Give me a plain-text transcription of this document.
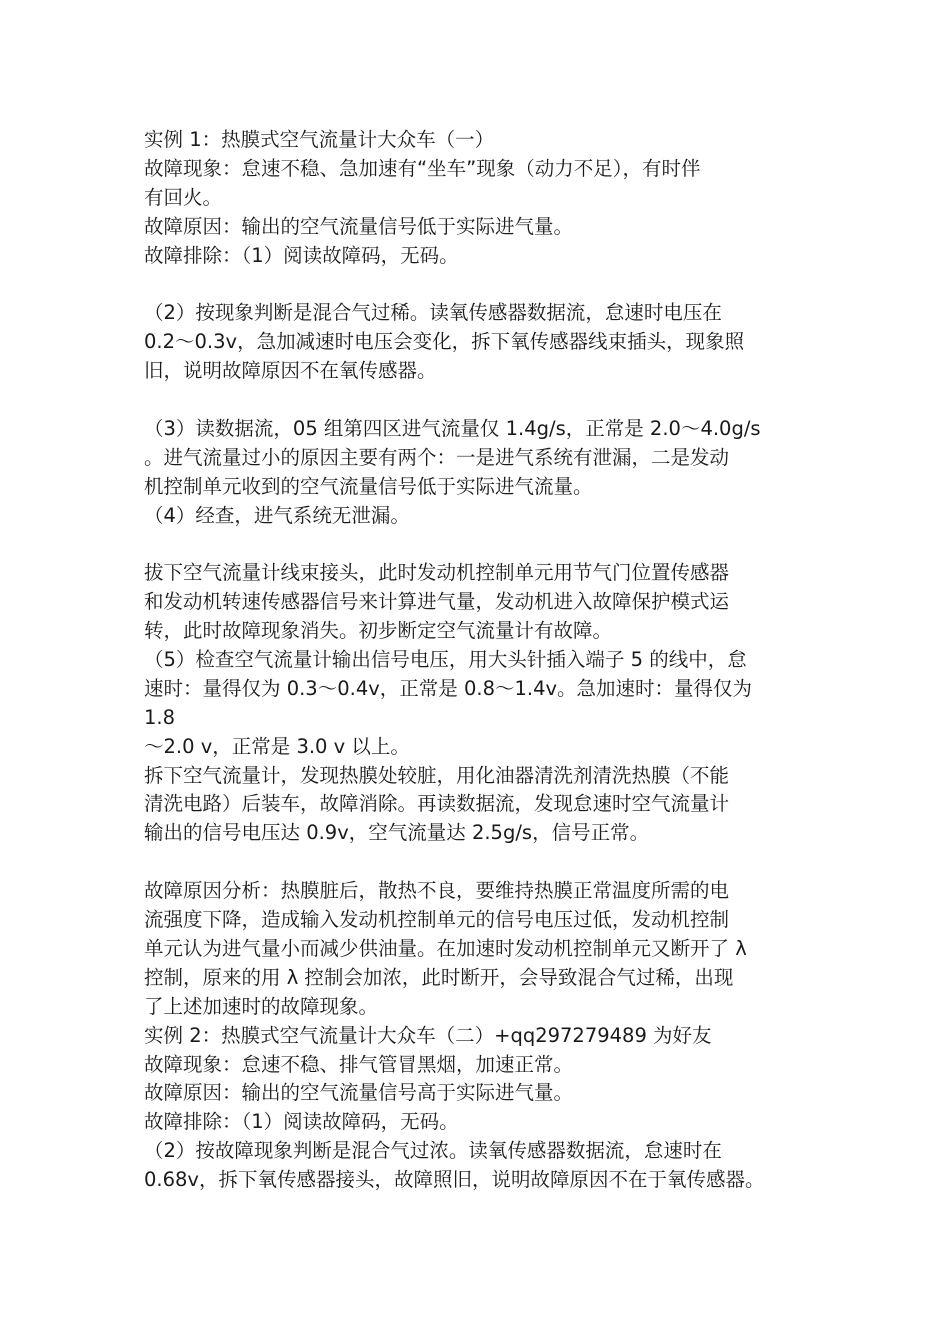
实例 1：热膜式空气流量计大众车（一）
故障现象：怠速不稳、急加速有“坐车”现象（动力不足），有时伴
有回火。
故障原因：输出的空气流量信号低于实际进气量。
故障排除：（1）阅读故障码，无码。
（2）按现象判断是混合气过稀。读氧传感器数据流，怠速时电压在
0.2～0.3v，急加减速时电压会变化，拆下氧传感器线束插头，现象照
旧，说明故障原因不在氧传感器。
（3）读数据流，05 组第四区进气流量仅 1.4g/s，正常是 2.0～4.0g/s
。进气流量过小的原因主要有两个：一是进气系统有泄漏，二是发动
机控制单元收到的空气流量信号低于实际进气流量。
（4）经查，进气系统无泄漏。
拔下空气流量计线束接头，此时发动机控制单元用节气门位置传感器
和发动机转速传感器信号来计算进气量，发动机进入故障保护模式运
转，此时故障现象消失。初步断定空气流量计有故障。
（5）检查空气流量计输出信号电压，用大头针插入端子 5 的线中，怠
速时：量得仅为 0.3～0.4v，正常是 0.8～1.4v。急加速时：量得仅为
1.8
～2.0 v，正常是 3.0 v 以上。
拆下空气流量计，发现热膜处较脏，用化油器清洗剂清洗热膜（不能
清洗电路）后装车，故障消除。再读数据流，发现怠速时空气流量计
输出的信号电压达 0.9v，空气流量达 2.5g/s，信号正常。
故障原因分析：热膜脏后，散热不良，要维持热膜正常温度所需的电
流强度下降，造成输入发动机控制单元的信号电压过低，发动机控制
单元认为进气量小而减少供油量。在加速时发动机控制单元又断开了 λ
控制，原来的用 λ 控制会加浓，此时断开，会导致混合气过稀，出现
了上述加速时的故障现象。
实例 2：热膜式空气流量计大众车（二）+qq297279489 为好友
故障现象：怠速不稳、排气管冒黑烟，加速正常。
故障原因：输出的空气流量信号高于实际进气量。
故障排除：（1）阅读故障码，无码。
（2）按故障现象判断是混合气过浓。读氧传感器数据流，怠速时在
0.68v，拆下氧传感器接头，故障照旧，说明故障原因不在于氧传感器。
